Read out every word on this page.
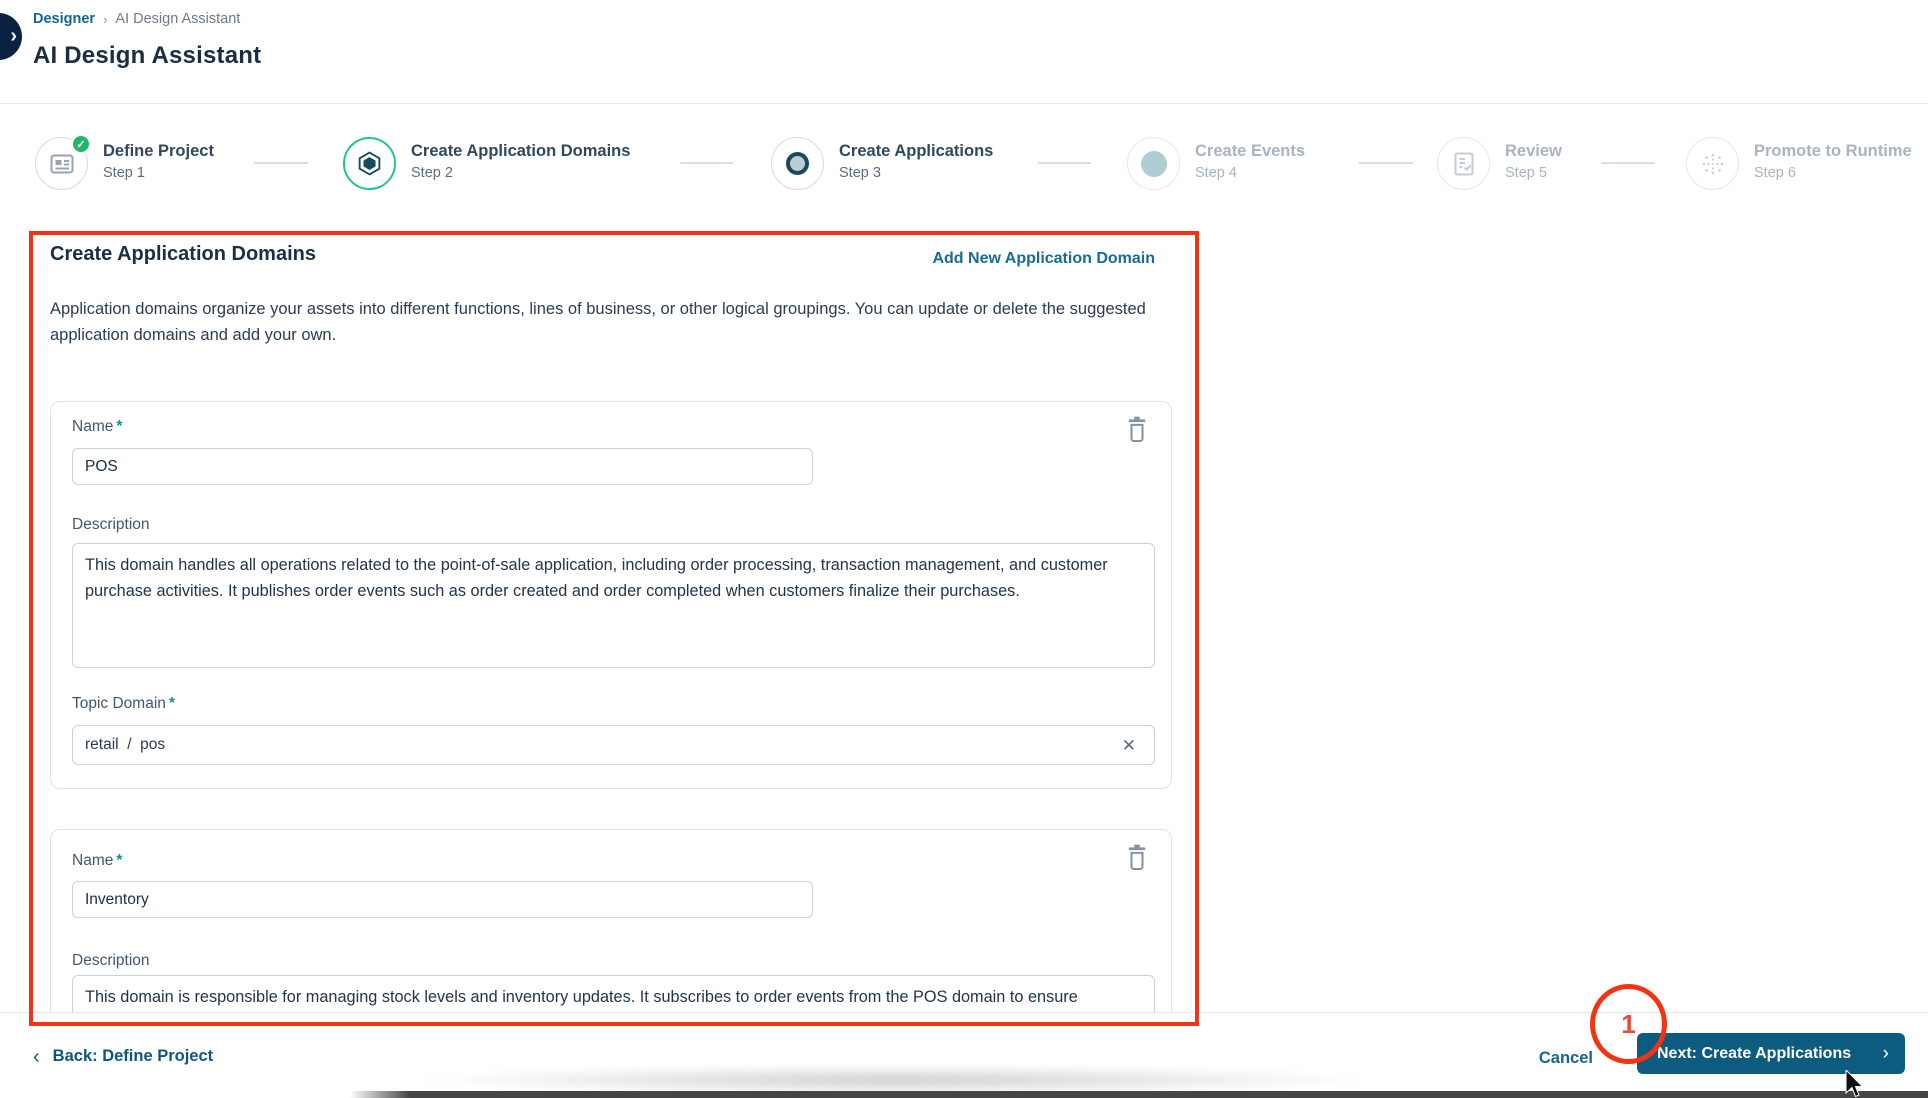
›
Designer › AI Design Assistant
AI Design Assistant
✓	Define Project
Step 1
Create Application Domains
Step 2
Create Applications
Step 3
Create Events
Step 4
Review
Step 5
Promote to Runtime
Step 6
Create Application Domains	Add New Application Domain
Application domains organize your assets into different functions, lines of business, or other logical groupings. You can update or delete the suggested application domains and add your own.
Name *
POS
Description
This domain handles all operations related to the point-of-sale application, including order processing, transaction management, and customer purchase activities. It publishes order events such as order created and order completed when customers finalize their purchases.
Topic Domain *
retail  /  pos	✕
Name *
Inventory
Description
This domain is responsible for managing stock levels and inventory updates. It subscribes to order events from the POS domain to ensure accurate and timely updates to inventory, reflecting the products sold and remaining stock.
‹ Back: Define Project	Cancel	Next: Create Applications ›
1
